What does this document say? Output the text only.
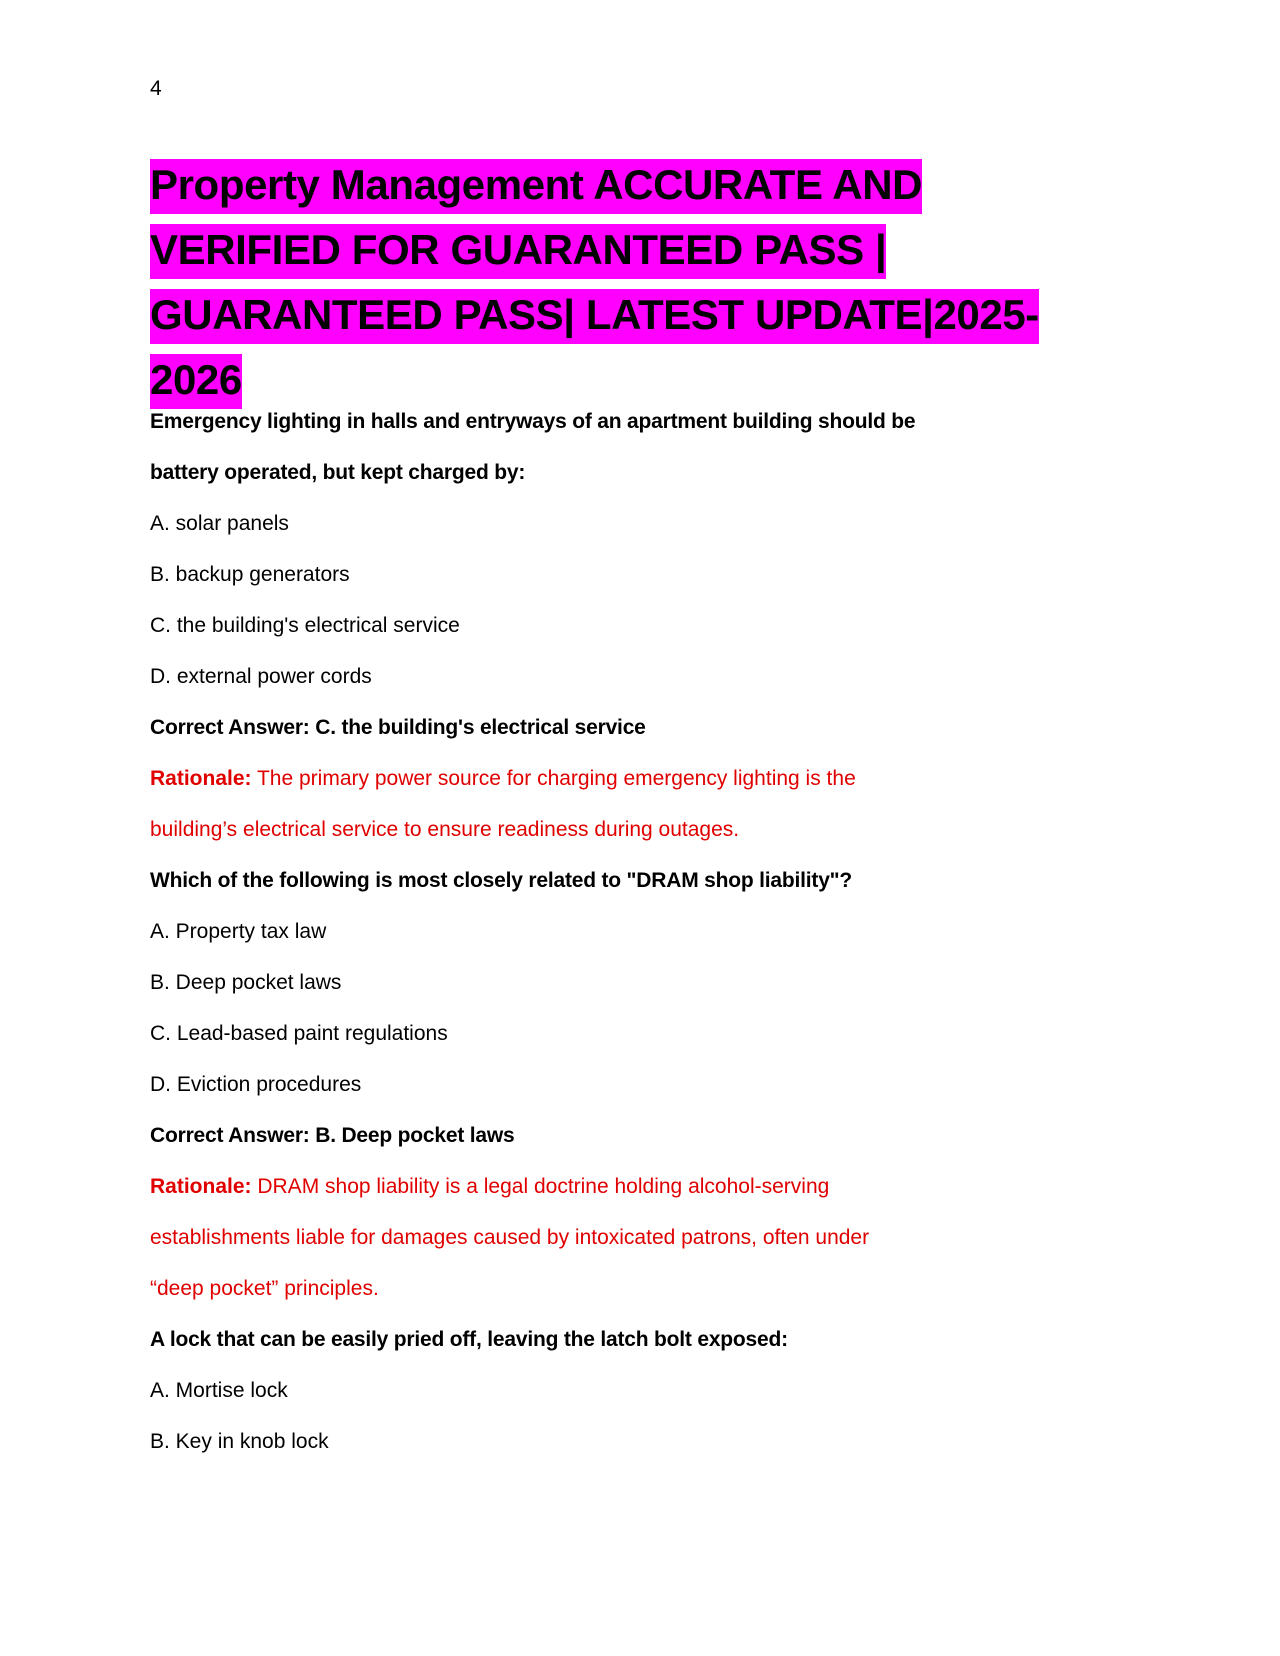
4
Property Management ACCURATE AND
VERIFIED FOR GUARANTEED PASS |
GUARANTEED PASS| LATEST UPDATE|2025-
2026
Emergency lighting in halls and entryways of an apartment building should be
battery operated, but kept charged by:
A. solar panels
B. backup generators
C. the building's electrical service
D. external power cords
Correct Answer: C. the building's electrical service
Rationale: The primary power source for charging emergency lighting is the
building’s electrical service to ensure readiness during outages.
Which of the following is most closely related to "DRAM shop liability"?
A. Property tax law
B. Deep pocket laws
C. Lead-based paint regulations
D. Eviction procedures
Correct Answer: B. Deep pocket laws
Rationale: DRAM shop liability is a legal doctrine holding alcohol-serving
establishments liable for damages caused by intoxicated patrons, often under
“deep pocket” principles.
A lock that can be easily pried off, leaving the latch bolt exposed:
A. Mortise lock
B. Key in knob lock
